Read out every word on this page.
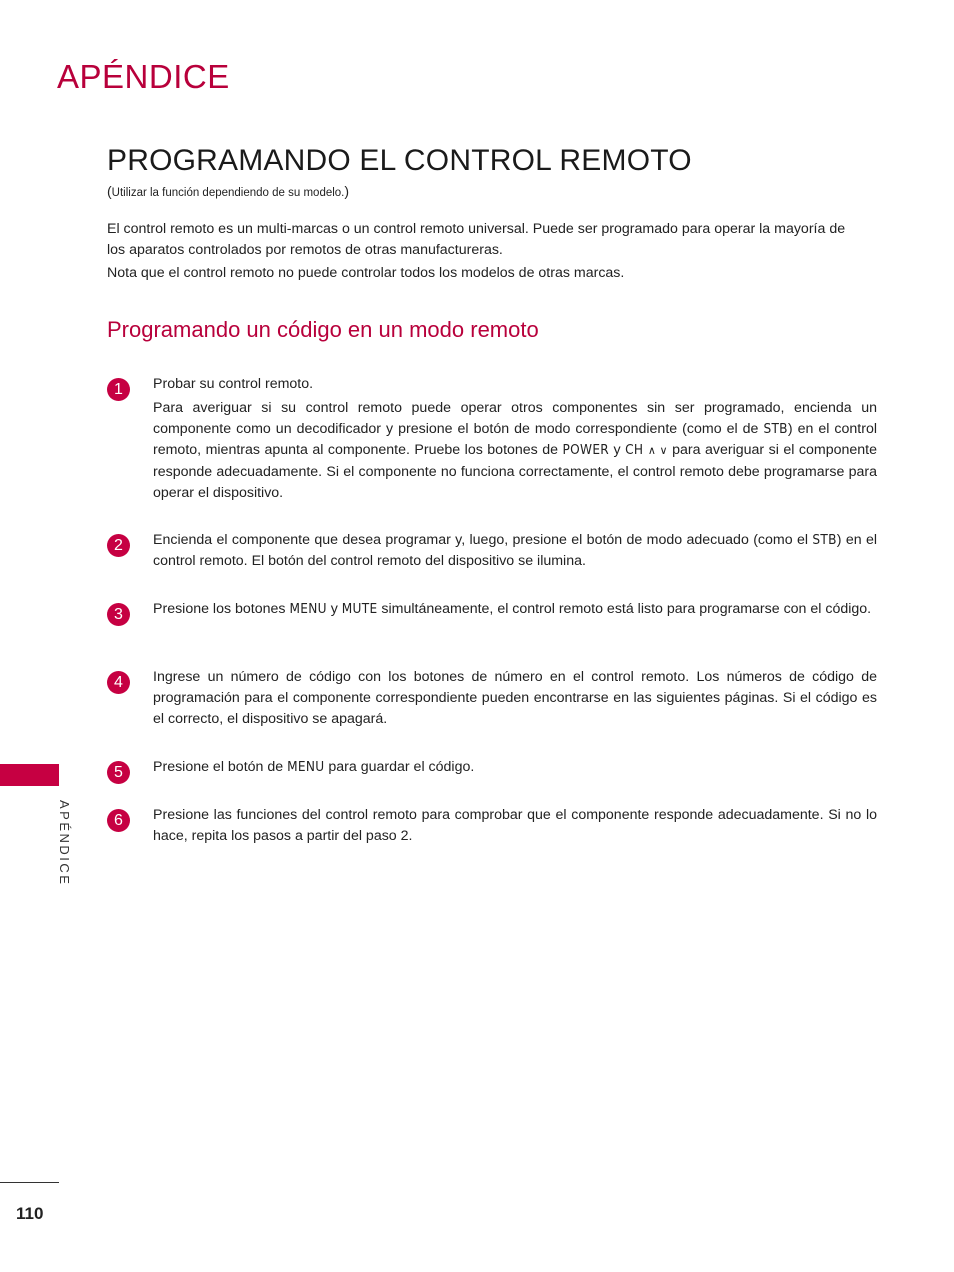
APÉNDICE
PROGRAMANDO EL CONTROL REMOTO
(Utilizar la función dependiendo de su modelo.)

El control remoto es un multi-marcas o un control remoto universal. Puede ser programado para operar la mayoría de los aparatos controlados por remotos de otras manufactureras.

Nota que el control remoto no puede controlar todos los modelos de otras marcas.

Programando un código en un modo remoto
1	Probar su control remoto.

Para averiguar si su control remoto puede operar otros componentes sin ser programado, encienda un componente como un decodificador y presione el botón de modo correspondiente (como el de STB) en el control remoto, mientras apunta al componente. Pruebe los botones de POWER y CH ∧ ∨ para averiguar si el componente responde adecuadamente. Si el componente no funciona correctamente, el control remoto debe programarse para operar el dispositivo.

2	Encienda el componente que desea programar y, luego, presione el botón de modo adecuado (como el STB) en el control remoto. El botón del control remoto del dispositivo se ilumina.

3	Presione los botones MENU y MUTE simultáneamente, el control remoto está listo para programarse con el código.

4	Ingrese un número de código con los botones de número en el control remoto. Los números de código de programación para el componente correspondiente pueden encontrarse en las siguientes páginas. Si el código es el correcto, el dispositivo se apagará.

5	Presione el botón de MENU para guardar el código.

6	Presione las funciones del control remoto para comprobar que el componente responde adecuadamente. Si no lo hace, repita los pasos a partir del paso 2.

APÉNDICE
110
